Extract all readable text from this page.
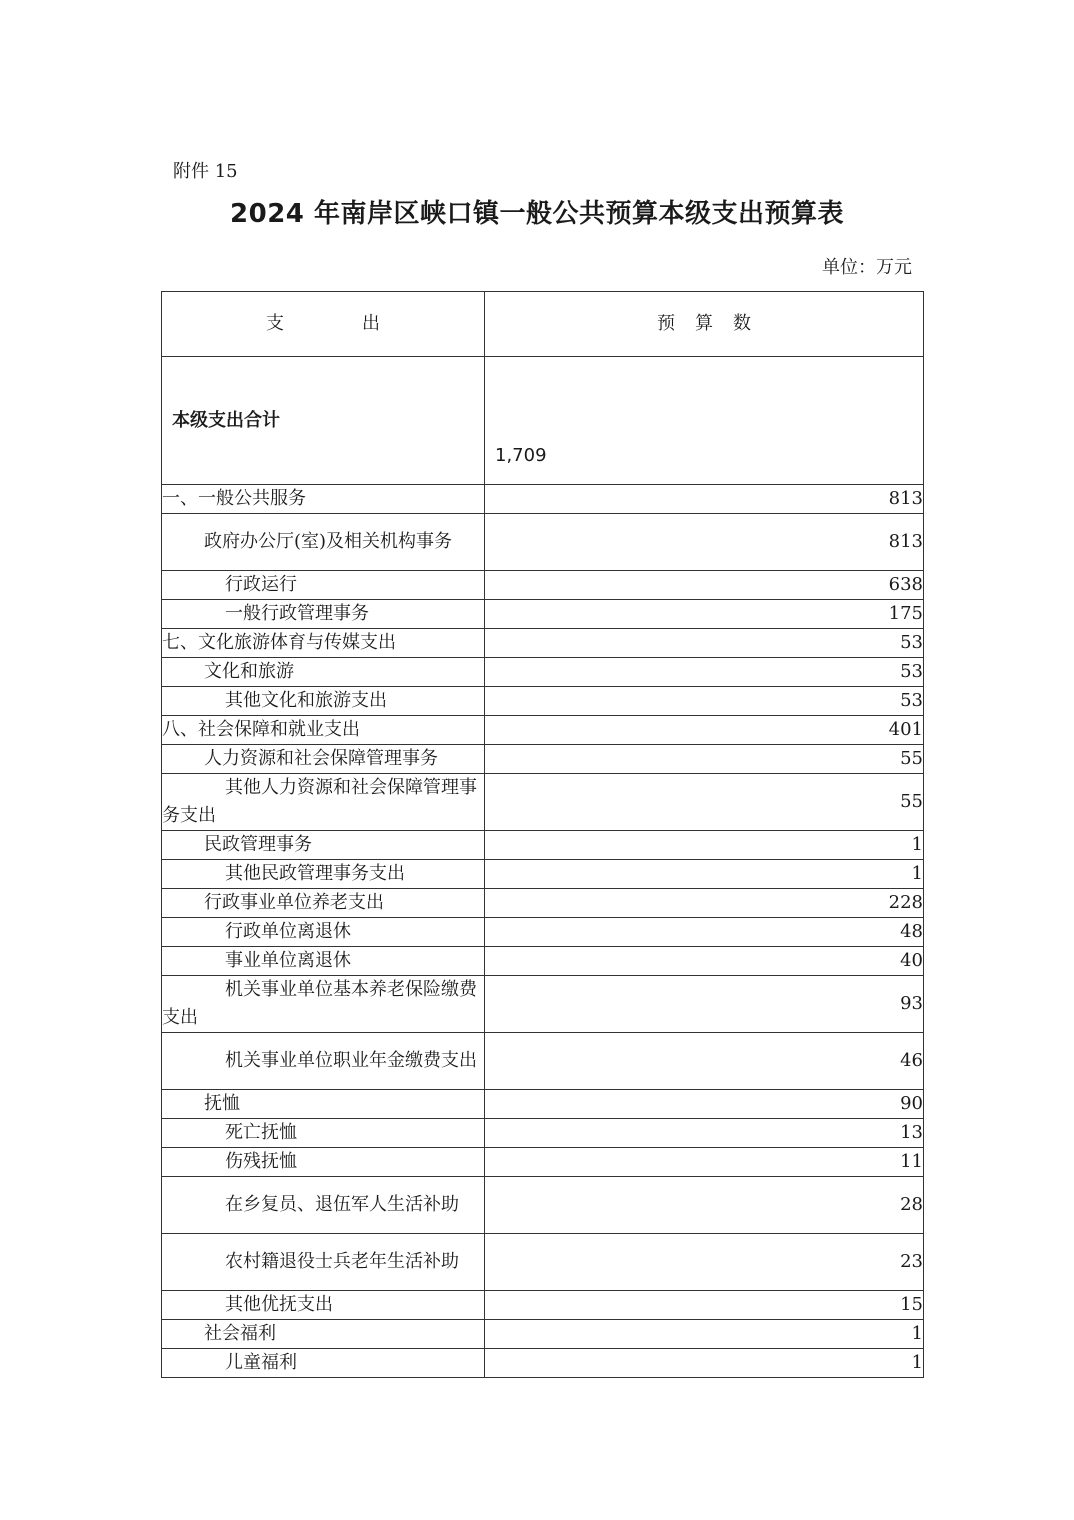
附件 15
2024 年南岸区峡口镇一般公共预算本级支出预算表
单位：万元
支出	预算数
本级支出合计	1,709
一、一般公共服务	813
政府办公厅(室)及相关机构事务	813
行政运行	638
一般行政管理事务	175
七、文化旅游体育与传媒支出	53
文化和旅游	53
其他文化和旅游支出	53
八、社会保障和就业支出	401
人力资源和社会保障管理事务	55
其他人力资源和社会保障管理事务支出	55
民政管理事务	1
其他民政管理事务支出	1
行政事业单位养老支出	228
行政单位离退休	48
事业单位离退休	40
机关事业单位基本养老保险缴费支出	93
机关事业单位职业年金缴费支出	46
抚恤	90
死亡抚恤	13
伤残抚恤	11
在乡复员、退伍军人生活补助	28
农村籍退役士兵老年生活补助	23
其他优抚支出	15
社会福利	1
儿童福利	1
